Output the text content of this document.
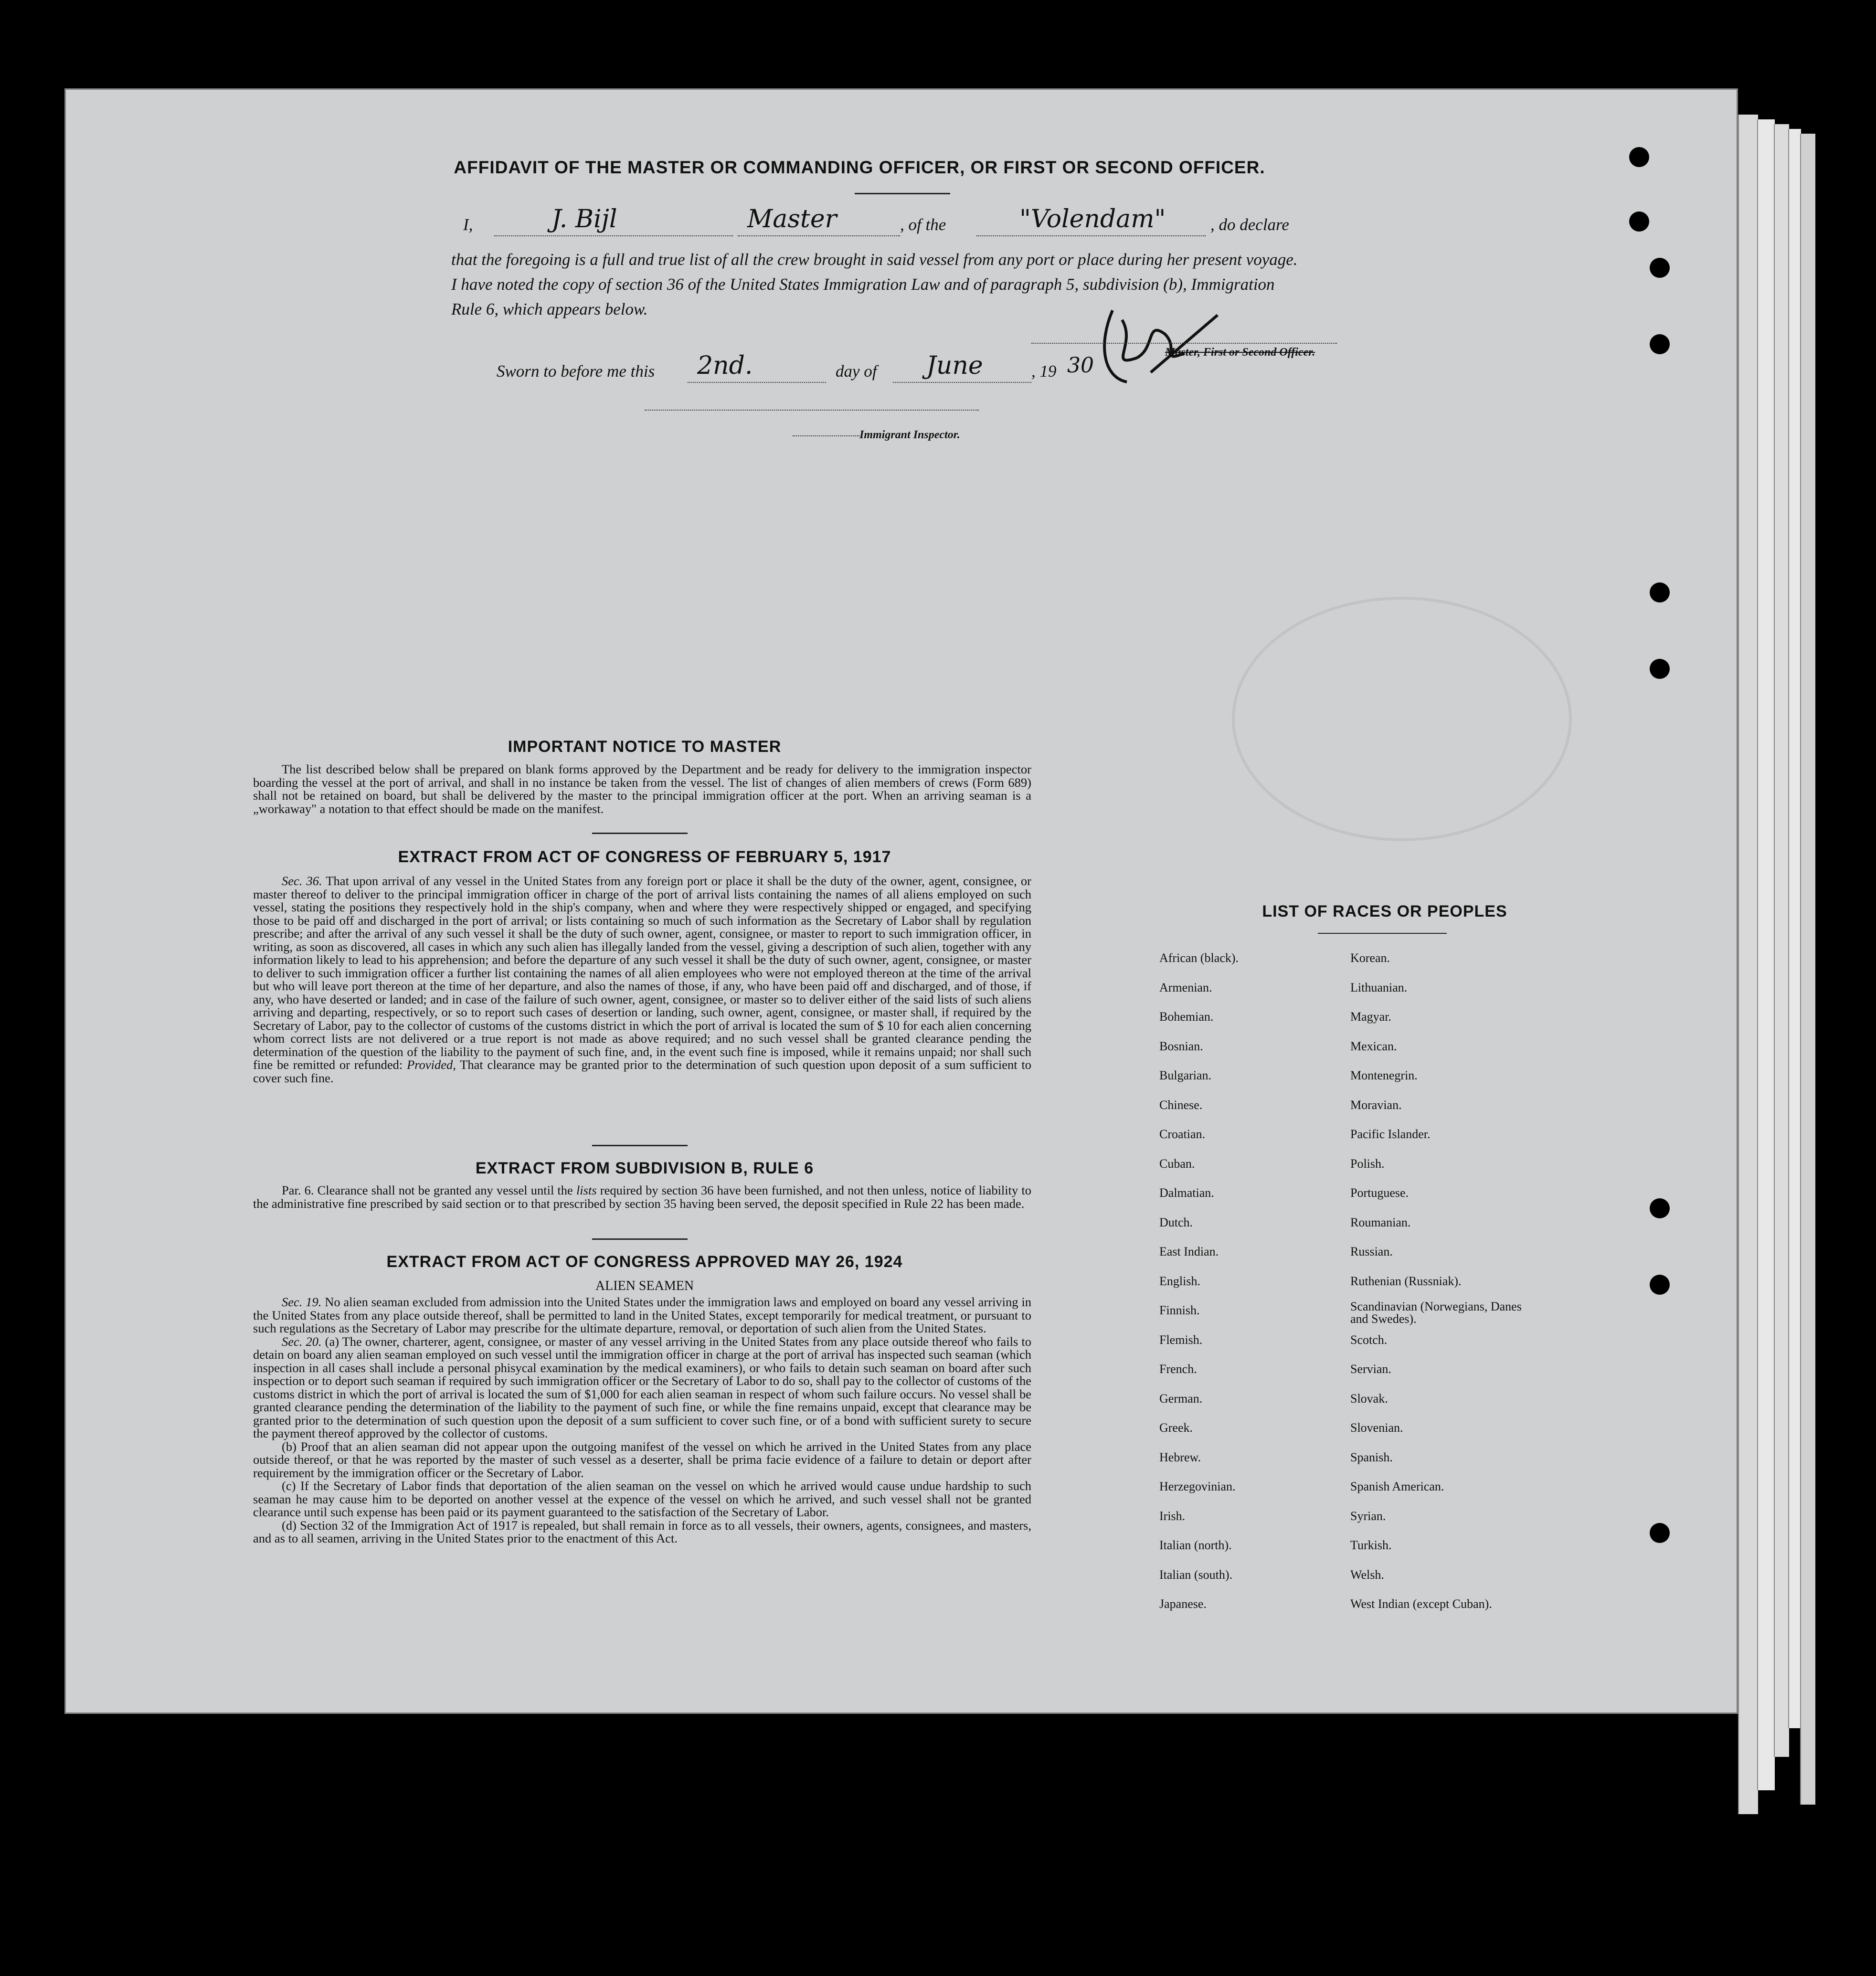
AFFIDAVIT OF THE MASTER OR COMMANDING OFFICER, OR FIRST OR SECOND OFFICER.
I,	J. Bijl	Master	, of the	"Volendam"	, do declare
that the foregoing is a full and true list of all the crew brought in said vessel from any port or place during her present voyage.
I have noted the copy of section 36 of the United States Immigration Law and of paragraph 5, subdivision (b), Immigration
Rule 6, which appears below.
Master, First or Second Officer.
Sworn to before me this 2nd.	day of June	, 19 30
Immigrant Inspector.
IMPORTANT NOTICE TO MASTER

The list described below shall be prepared on blank forms approved by the Department and be ready for delivery to the immigration inspector boarding the vessel at the port of arrival, and shall in no instance be taken from the vessel. The list of changes of alien members of crews (Form 689) shall not be retained on board, but shall be delivered by the master to the principal immigration officer at the port. When an arriving seaman is a „workaway" a notation to that effect should be made on the manifest.

EXTRACT FROM ACT OF CONGRESS OF FEBRUARY 5, 1917

Sec. 36. That upon arrival of any vessel in the United States from any foreign port or place it shall be the duty of the owner, agent, consignee, or master thereof to deliver to the principal immigration officer in charge of the port of arrival lists containing the names of all aliens employed on such vessel, stating the positions they respectively hold in the ship's company, when and where they were respectively shipped or engaged, and specifying those to be paid off and discharged in the port of arrival; or lists containing so much of such information as the Secretary of Labor shall by regulation prescribe; and after the arrival of any such vessel it shall be the duty of such owner, agent, consignee, or master to report to such immigration officer, in writing, as soon as discovered, all cases in which any such alien has illegally landed from the vessel, giving a description of such alien, together with any information likely to lead to his apprehension; and before the departure of any such vessel it shall be the duty of such owner, agent, consignee, or master to deliver to such immigration officer a further list containing the names of all alien employees who were not employed thereon at the time of the arrival but who will leave port thereon at the time of her departure, and also the names of those, if any, who have been paid off and discharged, and of those, if any, who have deserted or landed; and in case of the failure of such owner, agent, consignee, or master so to deliver either of the said lists of such aliens arriving and departing, respectively, or so to report such cases of desertion or landing, such owner, agent, consignee, or master shall, if required by the Secretary of Labor, pay to the collector of customs of the customs district in which the port of arrival is located the sum of $ 10 for each alien concerning whom correct lists are not delivered or a true report is not made as above required; and no such vessel shall be granted clearance pending the determination of the question of the liability to the payment of such fine, and, in the event such fine is imposed, while it remains unpaid; nor shall such fine be remitted or refunded: Provided, That clearance may be granted prior to the determination of such question upon deposit of a sum sufficient to cover such fine.

EXTRACT FROM SUBDIVISION B, RULE 6

Par. 6. Clearance shall not be granted any vessel until the lists required by section 36 have been furnished, and not then unless, notice of liability to the administrative fine prescribed by said section or to that prescribed by section 35 having been served, the deposit specified in Rule 22 has been made.

EXTRACT FROM ACT OF CONGRESS APPROVED MAY 26, 1924
ALIEN SEAMEN

Sec. 19. No alien seaman excluded from admission into the United States under the immigration laws and employed on board any vessel arriving in the United States from any place outside thereof, shall be permitted to land in the United States, except temporarily for medical treatment, or pursuant to such regulations as the Secretary of Labor may prescribe for the ultimate departure, removal, or deportation of such alien from the United States.

Sec. 20. (a) The owner, charterer, agent, consignee, or master of any vessel arriving in the United States from any place outside thereof who fails to detain on board any alien seaman employed on such vessel until the immigration officer in charge at the port of arrival has inspected such seaman (which inspection in all cases shall include a personal phisycal examination by the medical examiners), or who fails to detain such seaman on board after such inspection or to deport such seaman if required by such immigration officer or the Secretary of Labor to do so, shall pay to the collector of customs of the customs district in which the port of arrival is located the sum of $1,000 for each alien seaman in respect of whom such failure occurs. No vessel shall be granted clearance pending the determination of the liability to the payment of such fine, or while the fine remains unpaid, except that clearance may be granted prior to the determination of such question upon the deposit of a sum sufficient to cover such fine, or of a bond with sufficient surety to secure the payment thereof approved by the collector of customs.

(b) Proof that an alien seaman did not appear upon the outgoing manifest of the vessel on which he arrived in the United States from any place outside thereof, or that he was reported by the master of such vessel as a deserter, shall be prima facie evidence of a failure to detain or deport after requirement by the immigration officer or the Secretary of Labor.

(c) If the Secretary of Labor finds that deportation of the alien seaman on the vessel on which he arrived would cause undue hardship to such seaman he may cause him to be deported on another vessel at the expence of the vessel on which he arrived, and such vessel shall not be granted clearance until such expense has been paid or its payment guaranteed to the satisfaction of the Secretary of Labor.

(d) Section 32 of the Immigration Act of 1917 is repealed, but shall remain in force as to all vessels, their owners, agents, consignees, and masters, and as to all seamen, arriving in the United States prior to the enactment of this Act.

LIST OF RACES OR PEOPLES
African (black).
Armenian.
Bohemian.
Bosnian.
Bulgarian.
Chinese.
Croatian.
Cuban.
Dalmatian.
Dutch.
East Indian.
English.
Finnish.
Flemish.
French.
German.
Greek.
Hebrew.
Herzegovinian.
Irish.
Italian (north).
Italian (south).
Japanese.
Korean.
Lithuanian.
Magyar.
Mexican.
Montenegrin.
Moravian.
Pacific Islander.
Polish.
Portuguese.
Roumanian.
Russian.
Ruthenian (Russniak).
Scandinavian (Norwegians, Danes and Swedes).
Scotch.
Servian.
Slovak.
Slovenian.
Spanish.
Spanish American.
Syrian.
Turkish.
Welsh.
West Indian (except Cuban).
